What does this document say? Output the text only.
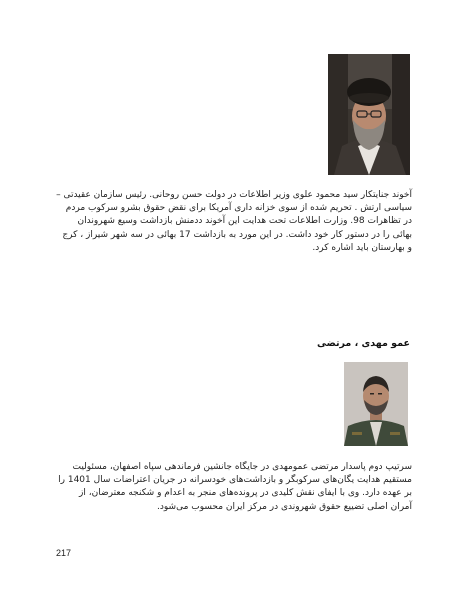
آخوند جنایتکار سید محمود علوی وزیر اطلاعات در دولت حسن روحانی. رئیس سازمان عقیدتی – سیاسی ارتش . تحریم شده از سوی خزانه داری آمریکا برای نقض حقوق بشرو سرکوب مردم در تظاهرات 98. وزارت اطلاعات تحت هدایت این آخوند ددمنش بازداشت وسیع شهروندان بهائی را در دستور کار خود داشت. در این مورد به بازداشت 17 بهائی در سه شهر شیراز ، کرج و بهارستان باید اشاره کرد.

عمو مهدی ، مرتضی

سرتیپ دوم پاسدار مرتضی عمومهدی در جایگاه جانشین فرماندهی سپاه اصفهان، مسئولیت مستقیم هدایت یگان‌های سرکوبگر و بازداشت‌های خودسرانه در جریان اعتراضات سال 1401 را بر عهده دارد. وی با ایفای نقش کلیدی در پرونده‌های منجر به اعدام و شکنجه معترضان، از آمران اصلی تضییع حقوق شهروندی در مرکز ایران محسوب می‌شود.

217
